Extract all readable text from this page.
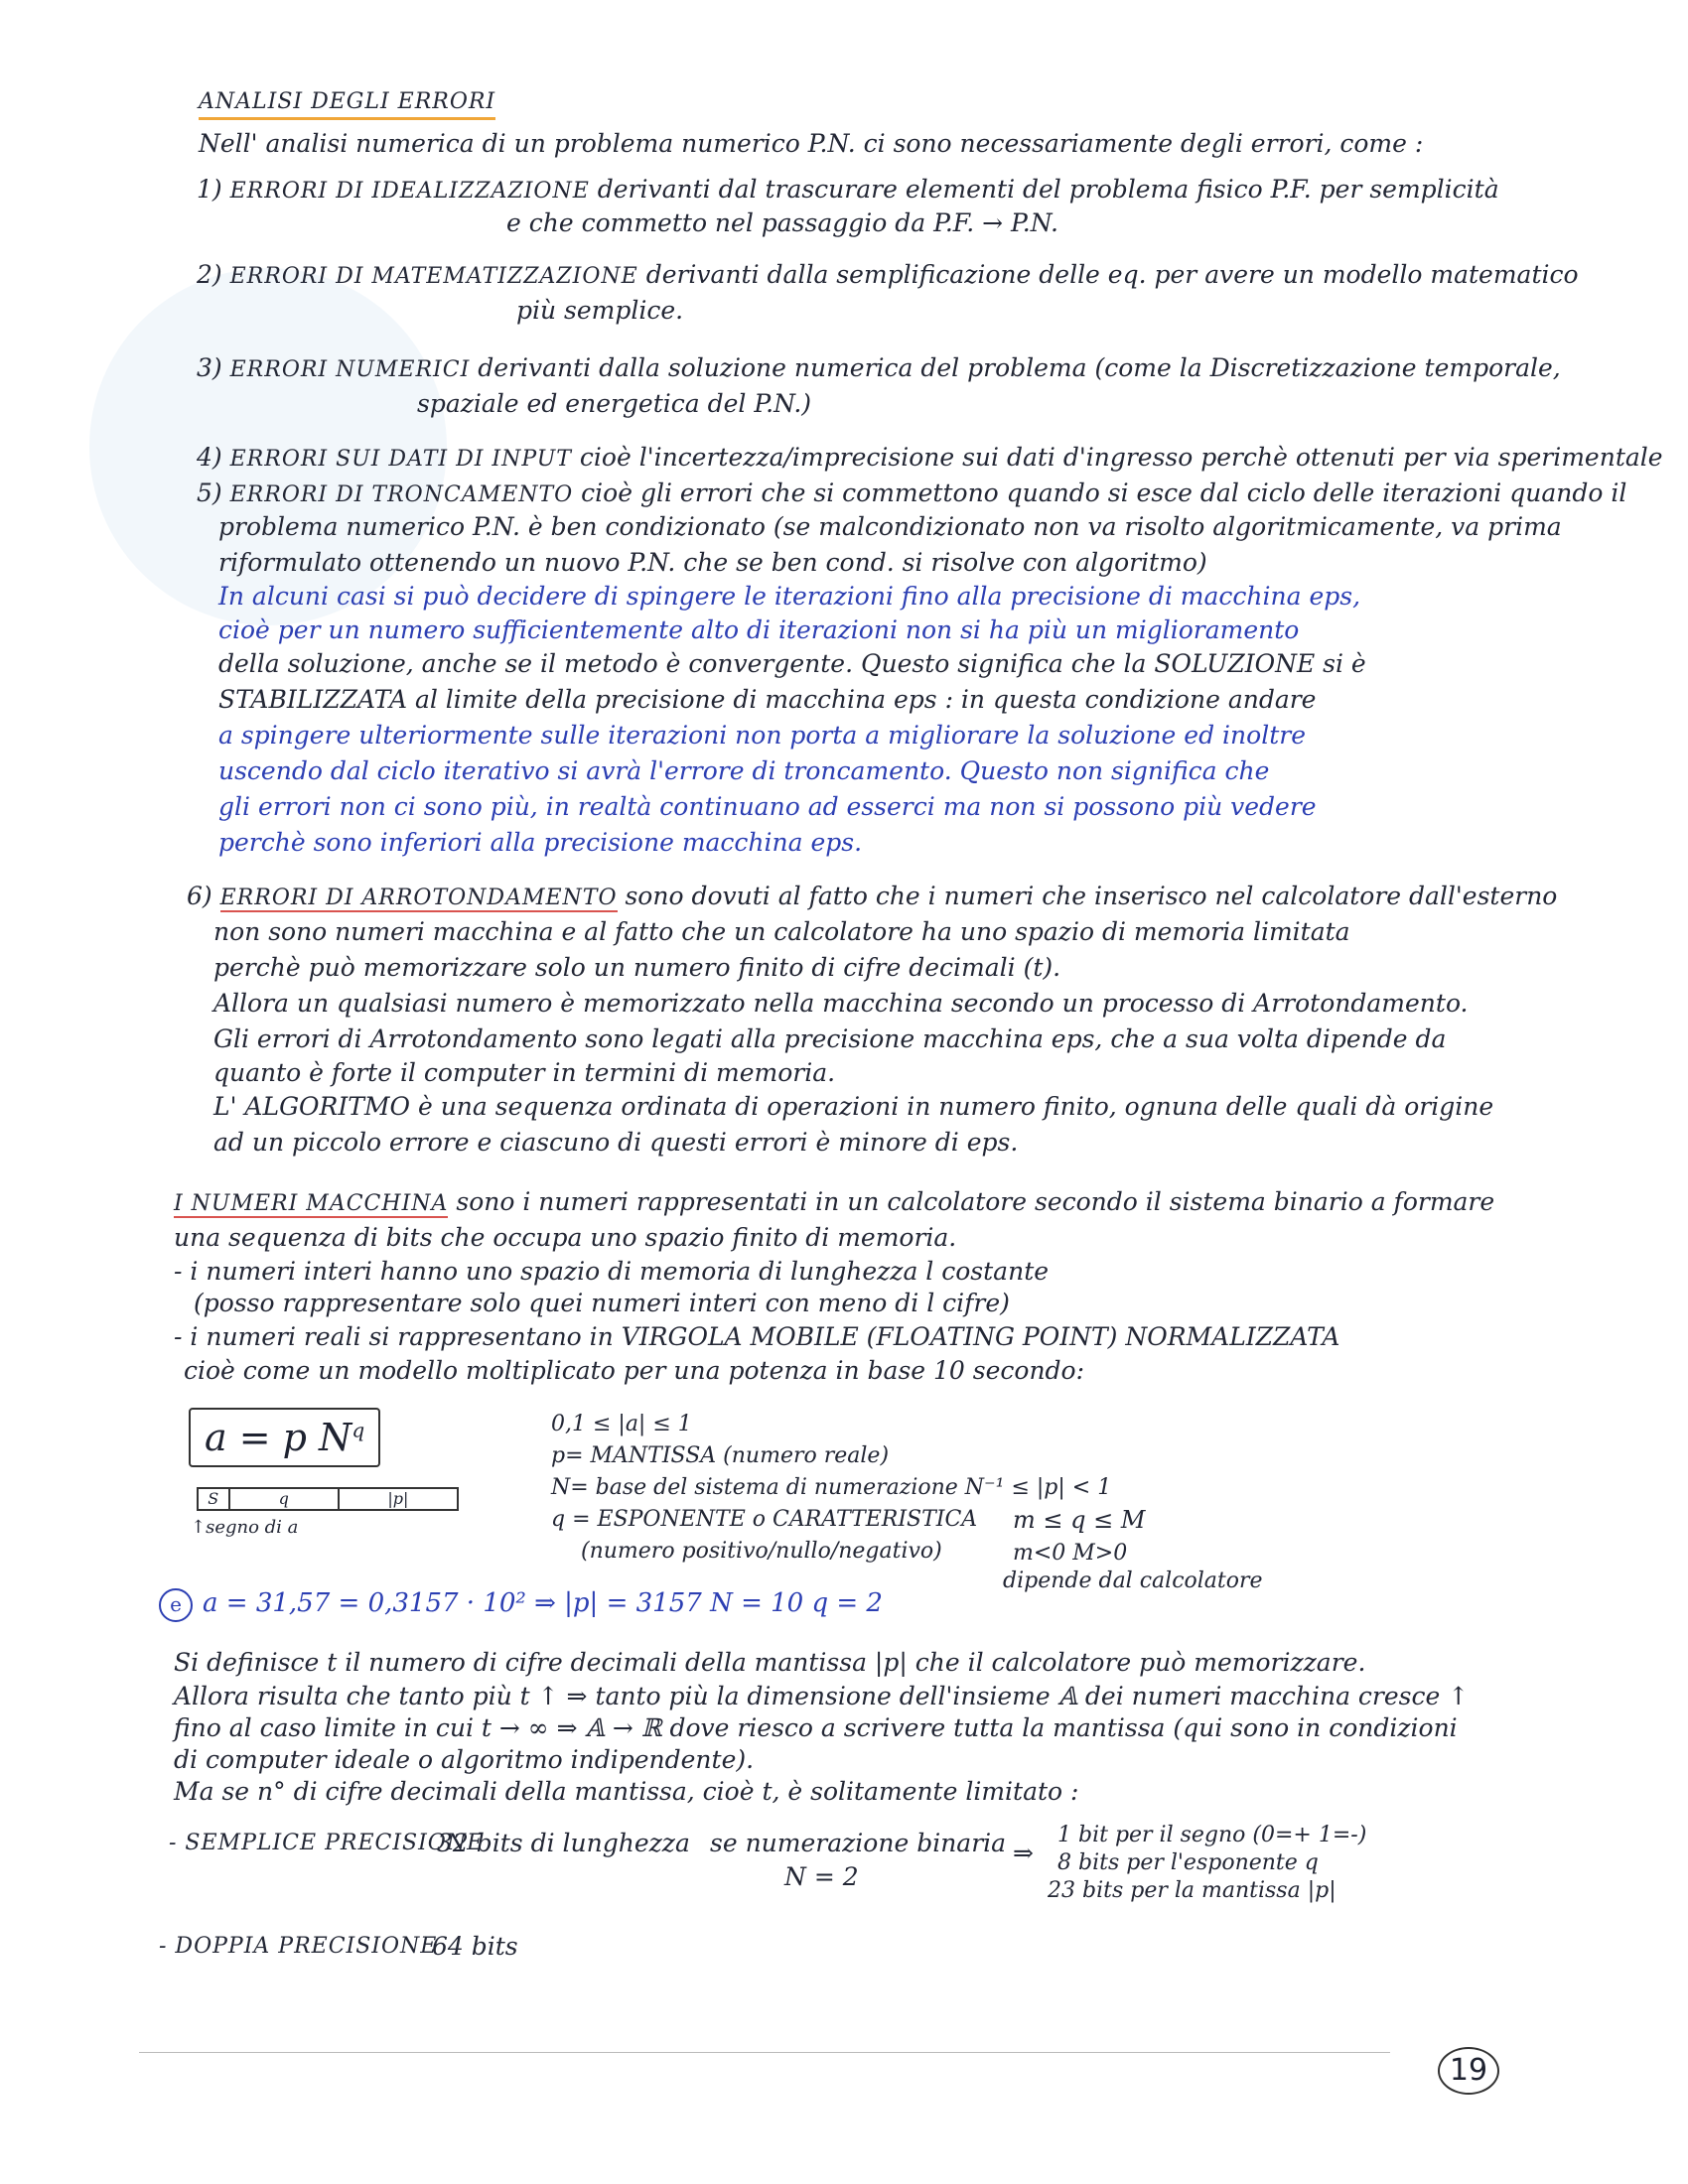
ANALISI DEGLI ERRORI
Nell' analisi numerica di un problema numerico P.N. ci sono necessariamente degli errori, come :
1) ERRORI DI IDEALIZZAZIONE derivanti dal trascurare elementi del problema fisico P.F. per semplicità
e che commetto nel passaggio da P.F. → P.N.
2) ERRORI DI MATEMATIZZAZIONE derivanti dalla semplificazione delle eq. per avere un modello matematico
più semplice.
3) ERRORI NUMERICI derivanti dalla soluzione numerica del problema (come la Discretizzazione temporale,
spaziale ed energetica del P.N.)
4) ERRORI SUI DATI DI INPUT cioè l'incertezza/imprecisione sui dati d'ingresso perchè ottenuti per via sperimentale
5) ERRORI DI TRONCAMENTO cioè gli errori che si commettono quando si esce dal ciclo delle iterazioni quando il
problema numerico P.N. è ben condizionato (se malcondizionato non va risolto algoritmicamente, va prima
riformulato ottenendo un nuovo P.N. che se ben cond. si risolve con algoritmo)
In alcuni casi si può decidere di spingere le iterazioni fino alla precisione di macchina eps,
cioè per un numero sufficientemente alto di iterazioni non si ha più un miglioramento
della soluzione, anche se il metodo è convergente. Questo significa che la SOLUZIONE si è
STABILIZZATA al limite della precisione di macchina eps : in questa condizione andare
a spingere ulteriormente sulle iterazioni non porta a migliorare la soluzione ed inoltre
uscendo dal ciclo iterativo si avrà l'errore di troncamento. Questo non significa che
gli errori non ci sono più, in realtà continuano ad esserci ma non si possono più vedere
perchè sono inferiori alla precisione macchina eps.
6) ERRORI DI ARROTONDAMENTO sono dovuti al fatto che i numeri che inserisco nel calcolatore dall'esterno
non sono numeri macchina e al fatto che un calcolatore ha uno spazio di memoria limitata
perchè può memorizzare solo un numero finito di cifre decimali (t).
Allora un qualsiasi numero è memorizzato nella macchina secondo un processo di Arrotondamento.
Gli errori di Arrotondamento sono legati alla precisione macchina eps, che a sua volta dipende da
quanto è forte il computer in termini di memoria.
L' ALGORITMO è una sequenza ordinata di operazioni in numero finito, ognuna delle quali dà origine
ad un piccolo errore e ciascuno di questi errori è minore di eps.
I NUMERI MACCHINA sono i numeri rappresentati in un calcolatore secondo il sistema binario a formare
una sequenza di bits che occupa uno spazio finito di memoria.
- i numeri interi hanno uno spazio di memoria di lunghezza l costante
(posso rappresentare solo quei numeri interi con meno di l cifre)
- i numeri reali si rappresentano in VIRGOLA MOBILE (FLOATING POINT) NORMALIZZATA
cioè come un modello moltiplicato per una potenza in base 10 secondo:
a = p $N^q$
S	q	|p|
↑segno di a
0,1 ≤ |a| ≤ 1
p= MANTISSA (numero reale)
N= base del sistema di numerazione N⁻¹ ≤ |p| < 1
q = ESPONENTE o CARATTERISTICA
(numero positivo/nullo/negativo)
m ≤ q ≤ M
m<0 M>0
dipende dal calcolatore
e a = 31,57 = 0,3157 · 10² ⇒ |p| = 3157 N = 10 q = 2
Si definisce t il numero di cifre decimali della mantissa |p| che il calcolatore può memorizzare.
Allora risulta che tanto più t ↑ ⇒ tanto più la dimensione dell'insieme 𝔸 dei numeri macchina cresce ↑
fino al caso limite in cui t → ∞ ⇒ 𝔸 → ℝ dove riesco a scrivere tutta la mantissa (qui sono in condizioni
di computer ideale o algoritmo indipendente).
Ma se n° di cifre decimali della mantissa, cioè t, è solitamente limitato :
- SEMPLICE PRECISIONE
32 bits di lunghezza se numerazione binaria
N = 2
⇒
1 bit per il segno (0=+ 1=-)
8 bits per l'esponente q
23 bits per la mantissa |p|
- DOPPIA PRECISIONE
64 bits
19
